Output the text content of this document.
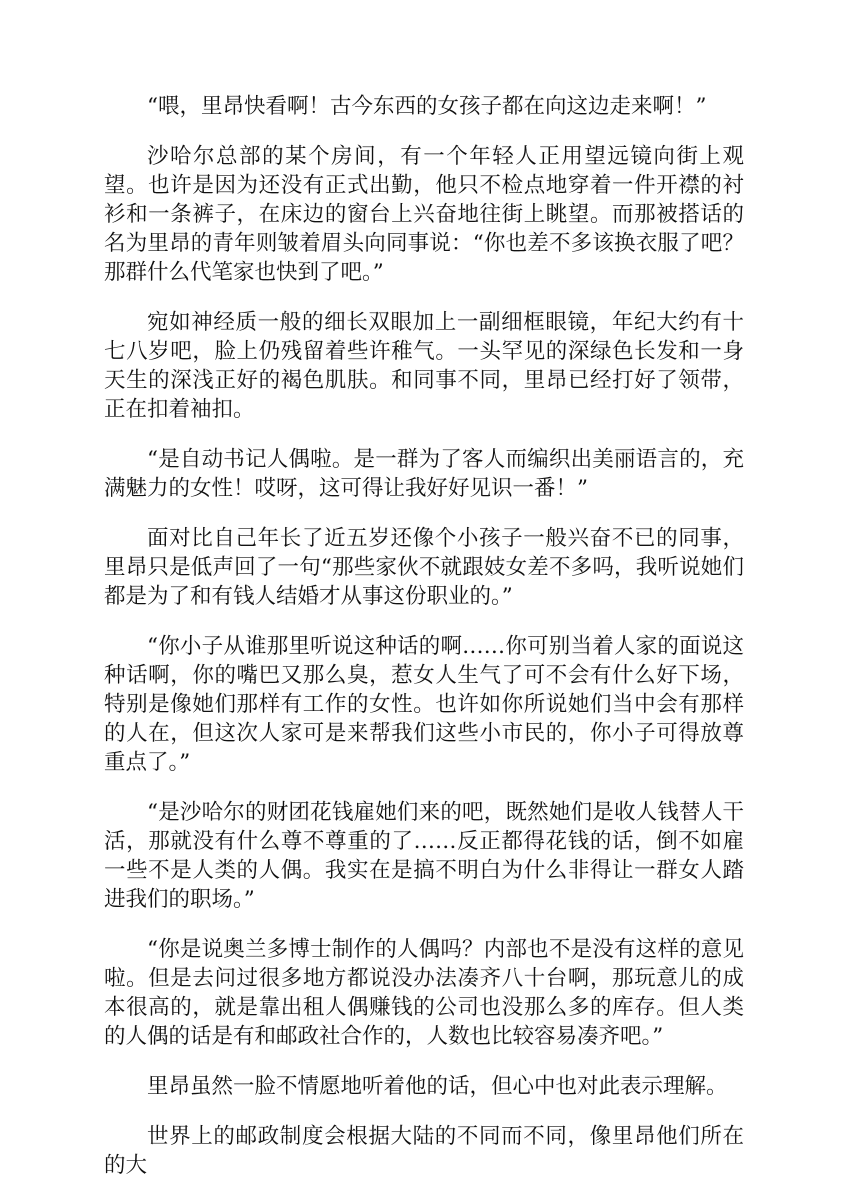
“喂，里昂快看啊！古今东西的女孩子都在向这边走来啊！”

沙哈尔总部的某个房间，有一个年轻人正用望远镜向街上观望。也许是因为还没有正式出勤，他只不检点地穿着一件开襟的衬衫和一条裤子，在床边的窗台上兴奋地往街上眺望。而那被搭话的名为里昂的青年则皱着眉头向同事说：“你也差不多该换衣服了吧？那群什么代笔家也快到了吧。”

宛如神经质一般的细长双眼加上一副细框眼镜，年纪大约有十七八岁吧，脸上仍残留着些许稚气。一头罕见的深绿色长发和一身天生的深浅正好的褐色肌肤。和同事不同，里昂已经打好了领带，正在扣着袖扣。

“是自动书记人偶啦。是一群为了客人而编织出美丽语言的，充满魅力的女性！哎呀，这可得让我好好见识一番！”

面对比自己年长了近五岁还像个小孩子一般兴奋不已的同事，里昂只是低声回了一句“那些家伙不就跟妓女差不多吗，我听说她们都是为了和有钱人结婚才从事这份职业的。”

“你小子从谁那里听说这种话的啊……你可别当着人家的面说这种话啊，你的嘴巴又那么臭，惹女人生气了可不会有什么好下场，特别是像她们那样有工作的女性。也许如你所说她们当中会有那样的人在，但这次人家可是来帮我们这些小市民的，你小子可得放尊重点了。”

“是沙哈尔的财团花钱雇她们来的吧，既然她们是收人钱替人干活，那就没有什么尊不尊重的了……反正都得花钱的话，倒不如雇一些不是人类的人偶。我实在是搞不明白为什么非得让一群女人踏进我们的职场。”

“你是说奥兰多博士制作的人偶吗？内部也不是没有这样的意见啦。但是去问过很多地方都说没办法凑齐八十台啊，那玩意儿的成本很高的，就是靠出租人偶赚钱的公司也没那么多的库存。但人类的人偶的话是有和邮政社合作的，人数也比较容易凑齐吧。”

里昂虽然一脸不情愿地听着他的话，但心中也对此表示理解。

世界上的邮政制度会根据大陆的不同而不同，像里昂他们所在的大
